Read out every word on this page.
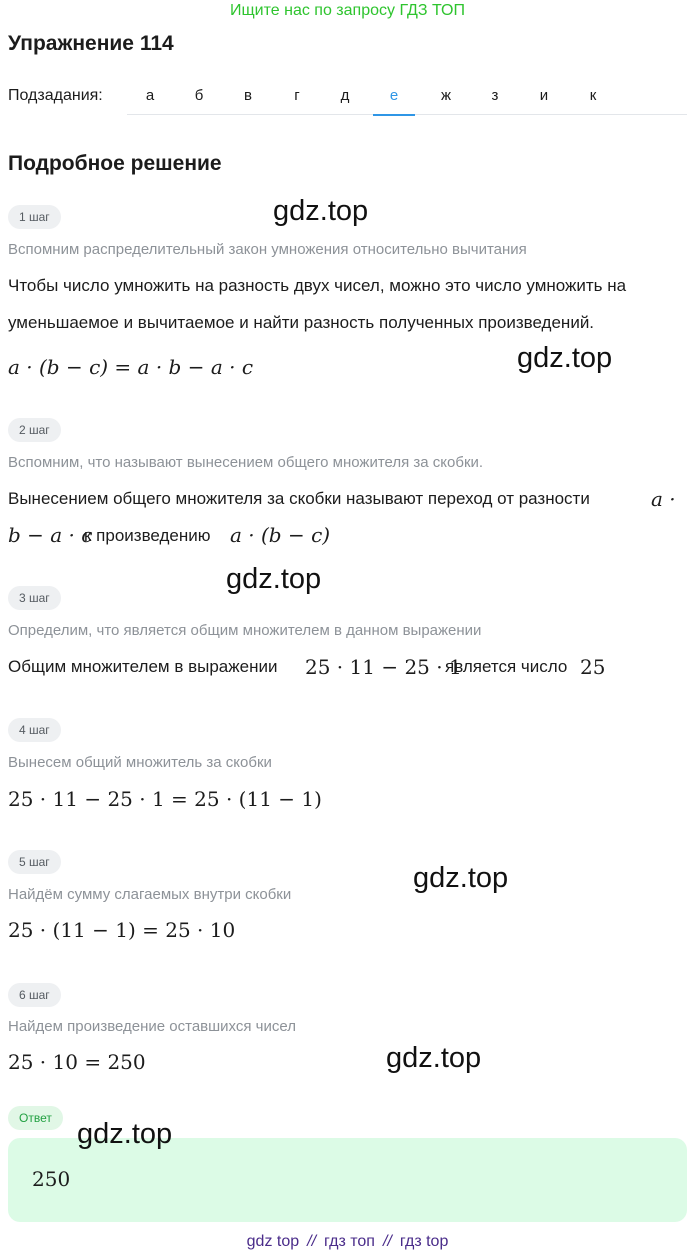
Ищите нас по запросу ГДЗ ТОП
Упражнение 114
Подзадания:	а	б	в	г	д	е	ж	з	и	к
Подробное решение
1 шаг
Вспомним распределительный закон умножения относительно вычитания
Чтобы число умножить на разность двух чисел, можно это число умножить на
уменьшаемое и вычитаемое и найти разность полученных произведений.
a · (b − c) = a · b − a · c
2 шаг
Вспомним, что называют вынесением общего множителя за скобки.
Вынесением общего множителя за скобки называют переход от разности	a ·
b − a · c
к произведению a · (b − c)
3 шаг
Определим, что является общим множителем в данном выражении
Общим множителем в выражении 25 · 11 − 25 · 1
является число 25
4 шаг
Вынесем общий множитель за скобки
25 · 11 − 25 · 1 = 25 · (11 − 1)
5 шаг
Найдём сумму слагаемых внутри скобки
25 · (11 − 1) = 25 · 10
6 шаг
Найдем произведение оставшихся чисел
25 · 10 = 250
Ответ
250
gdz.top
gdz.top
gdz.top
gdz.top
gdz.top
gdz.top
gdz top // гдз топ // гдз top
